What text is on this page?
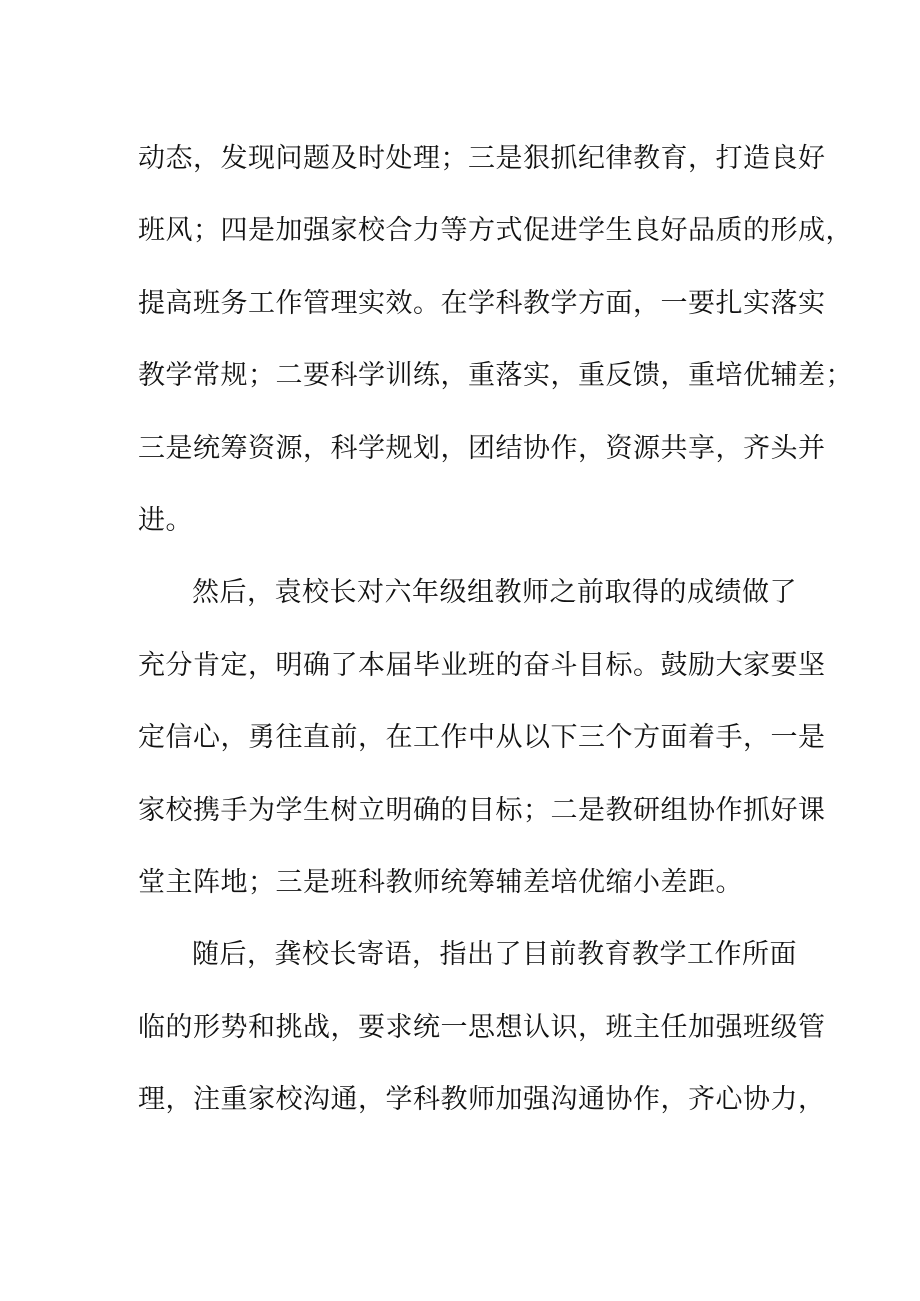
动态，发现问题及时处理；三是狠抓纪律教育，打造良好
班风；四是加强家校合力等方式促进学生良好品质的形成，
提高班务工作管理实效。在学科教学方面，一要扎实落实
教学常规；二要科学训练，重落实，重反馈，重培优辅差；
三是统筹资源，科学规划，团结协作，资源共享，齐头并
进。
然后，袁校长对六年级组教师之前取得的成绩做了
充分肯定，明确了本届毕业班的奋斗目标。鼓励大家要坚
定信心，勇往直前，在工作中从以下三个方面着手，一是
家校携手为学生树立明确的目标；二是教研组协作抓好课
堂主阵地；三是班科教师统筹辅差培优缩小差距。
随后，龚校长寄语，指出了目前教育教学工作所面
临的形势和挑战，要求统一思想认识，班主任加强班级管
理，注重家校沟通，学科教师加强沟通协作，齐心协力，
